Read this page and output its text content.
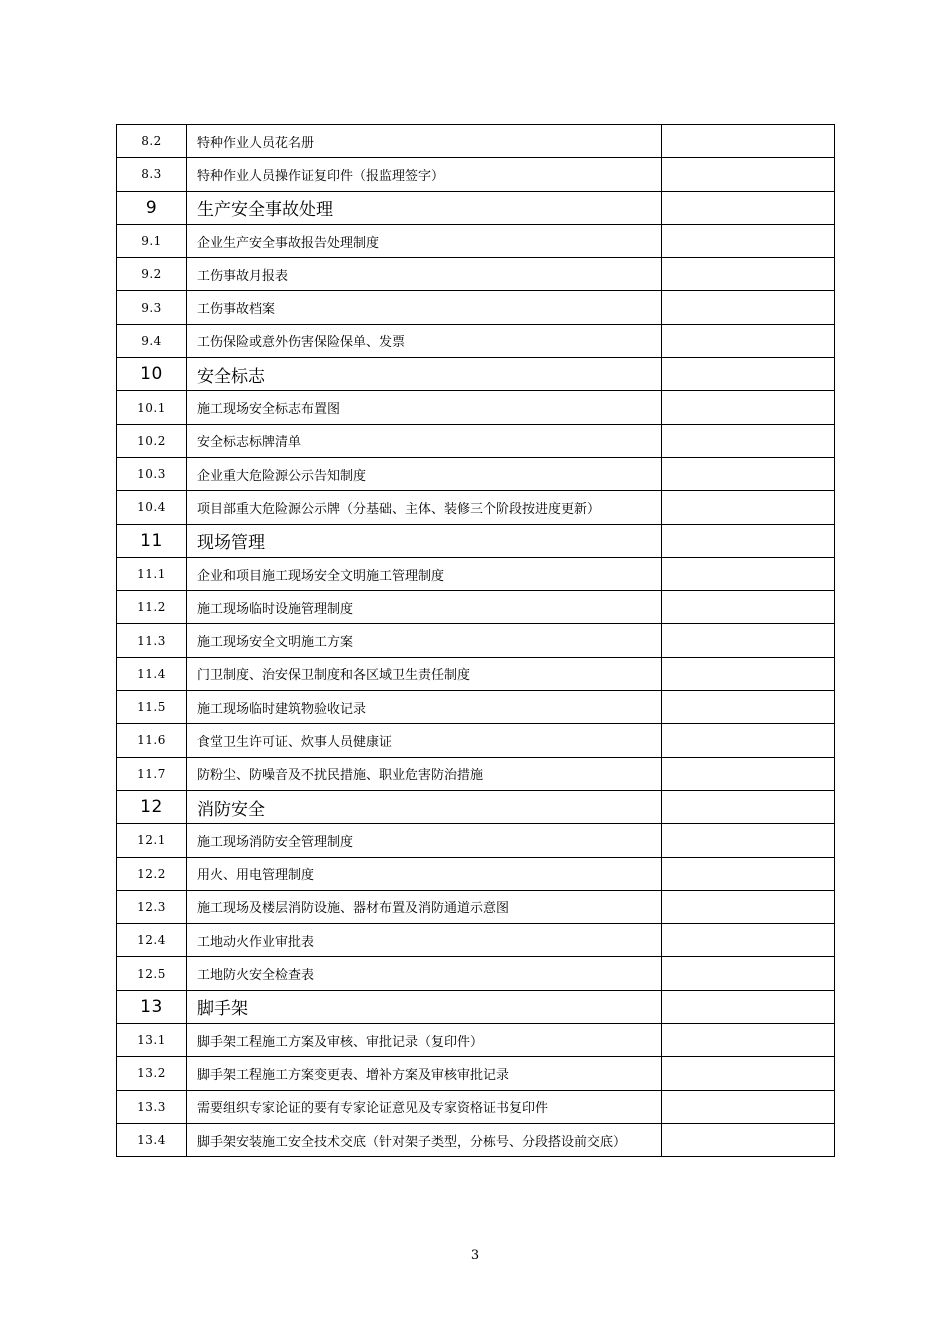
8.2	特种作业人员花名册	
8.3	特种作业人员操作证复印件（报监理签字）	
9	生产安全事故处理	
9.1	企业生产安全事故报告处理制度	
9.2	工伤事故月报表	
9.3	工伤事故档案	
9.4	工伤保险或意外伤害保险保单、发票	
10	安全标志	
10.1	施工现场安全标志布置图	
10.2	安全标志标牌清单	
10.3	企业重大危险源公示告知制度	
10.4	项目部重大危险源公示牌（分基础、主体、装修三个阶段按进度更新）	
11	现场管理	
11.1	企业和项目施工现场安全文明施工管理制度	
11.2	施工现场临时设施管理制度	
11.3	施工现场安全文明施工方案	
11.4	门卫制度、治安保卫制度和各区域卫生责任制度	
11.5	施工现场临时建筑物验收记录	
11.6	食堂卫生许可证、炊事人员健康证	
11.7	防粉尘、防噪音及不扰民措施、职业危害防治措施	
12	消防安全	
12.1	施工现场消防安全管理制度	
12.2	用火、用电管理制度	
12.3	施工现场及楼层消防设施、器材布置及消防通道示意图	
12.4	工地动火作业审批表	
12.5	工地防火安全检查表	
13	脚手架	
13.1	脚手架工程施工方案及审核、审批记录（复印件）	
13.2	脚手架工程施工方案变更表、增补方案及审核审批记录	
13.3	需要组织专家论证的要有专家论证意见及专家资格证书复印件	
13.4	脚手架安装施工安全技术交底（针对架子类型，分栋号、分段搭设前交底）	
3
